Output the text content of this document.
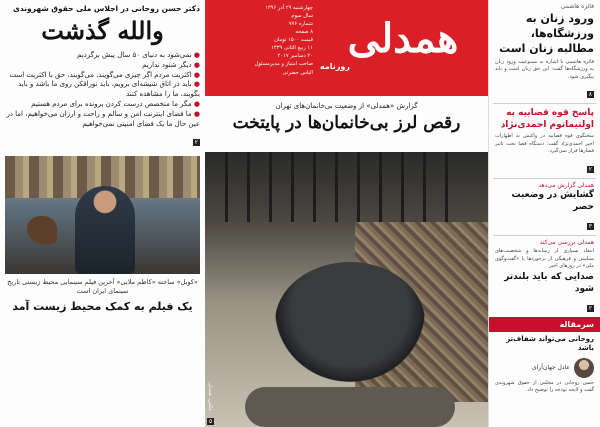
دکتر حسن روحانی در اجلاس ملی حقوق شهروندی
والله گذشت
● نمی‌شود به دنیای ۵۰ سال پیش برگردیم
● دیگر شنود نداریم
● اکثریت مردم اگر چیزی می‌گویند، می‌گویند، حق با اکثریت است
● باید در اتاق شیشه‌ای برویم، باید نوراقکن روی ما باشد و باید بگویند، ما را مشاهده کنند
● مگر ما متخصص درست کردن پرونده برای مردم هستیم
● ما فضای اینترنت امن و سالم و راحت و ارزان می‌خواهیم، اما در عین حال ما یک فضای امنیتی نمی‌خواهیم
۲
«کویل» ساخته «کاظم ملایی» آخرین فیلم سینمایی محیط زیستی تاریخ سینمای ایران است
یک فیلم به کمک محیط زیست آمد
همدلی
روزنامه
چهارشنبه ۲۹ آذر ۱۳۹۶
سال سوم
شماره ۷۷۶
۸ صفحه
قیمت ۱۵۰۰ تومان
۱۱ ربیع الثانی ۱۴۳۹
۲۰ دسامبر ۲۰۱۷
صاحب امتیاز و مدیرمسئول
الیاس حضرتی
گزارش «همدلی» از وضعیت بی‌خانمان‌های تهران
رقص لرز بی‌خانمان‌ها در پایتخت
عکس: همدلی
۵
فائزه هاشمی
ورود زنان به ورزشگاه‌ها، مطالبه زنان است
فائزه هاشمی با اشاره به ممنوعیت ورود زنان به ورزشگاه‌ها گفت: این حق زنان است و باید پیگیری شود.
۸
پاسخ قوه قضاییه به اولتیماتوم احمدی‌نژاد
سخنگوی قوه قضاییه در واکنش به اظهارات اخیر احمدی‌نژاد گفت: دستگاه قضا تحت تاثیر فشارها قرار نمی‌گیرد.
۲
همدلی گزارش می‌دهد
گشایش در وضعیت حصر
۳
همدلی بررسی می‌کند
انتقاد بسیاری از رسانه‌ها و شخصیت‌های سیاسی و فرهنگی از برخوردها با «گفت‌وگوی ملی» در روزهای اخیر
صدایی که باید بلندتر شود
۲
سرمقاله
روحانی می‌تواند شفاف‌تر باشد
عادل جهان‌آرای
حسن روحانی در مجلس از حقوق شهروندی گفت و لایحه بودجه را توضیح داد.
